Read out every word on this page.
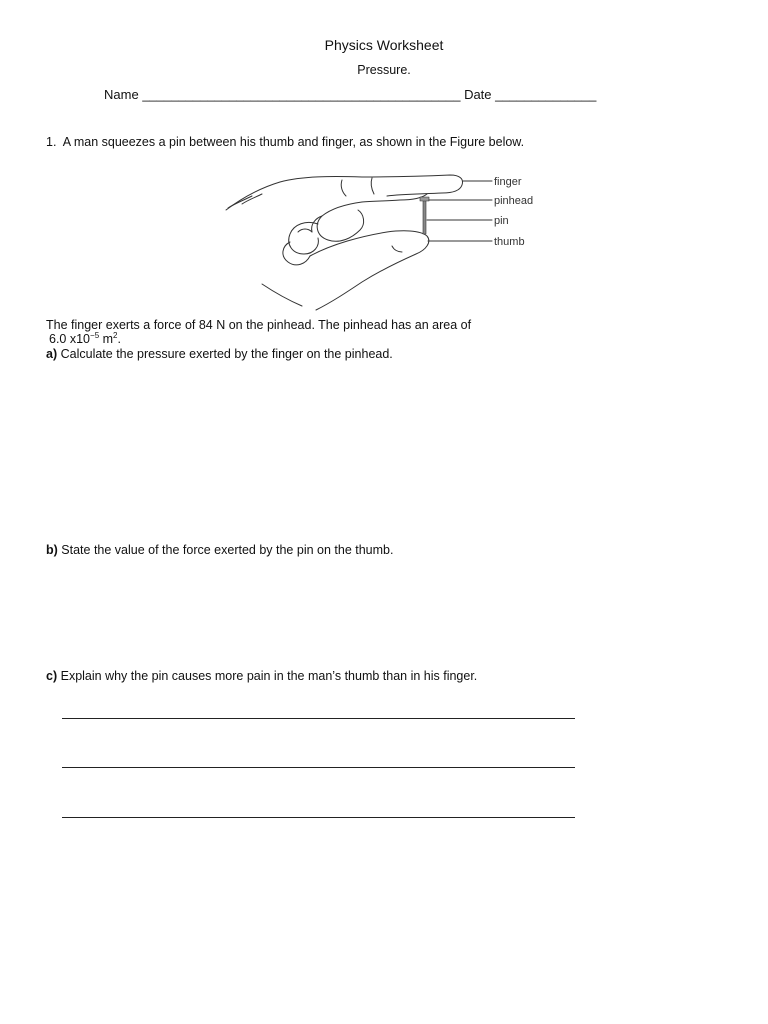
Physics Worksheet
Pressure.
Name ____________________________________________ Date ______________
1. A man squeezes a pin between his thumb and finger, as shown in the Figure below.
finger
pinhead
pin
thumb
The finger exerts a force of 84 N on the pinhead. The pinhead has an area of
6.0 $x10^{-5}$ $m^2$.
a) Calculate the pressure exerted by the finger on the pinhead.
b) State the value of the force exerted by the pin on the thumb.
c) Explain why the pin causes more pain in the man’s thumb than in his finger.
